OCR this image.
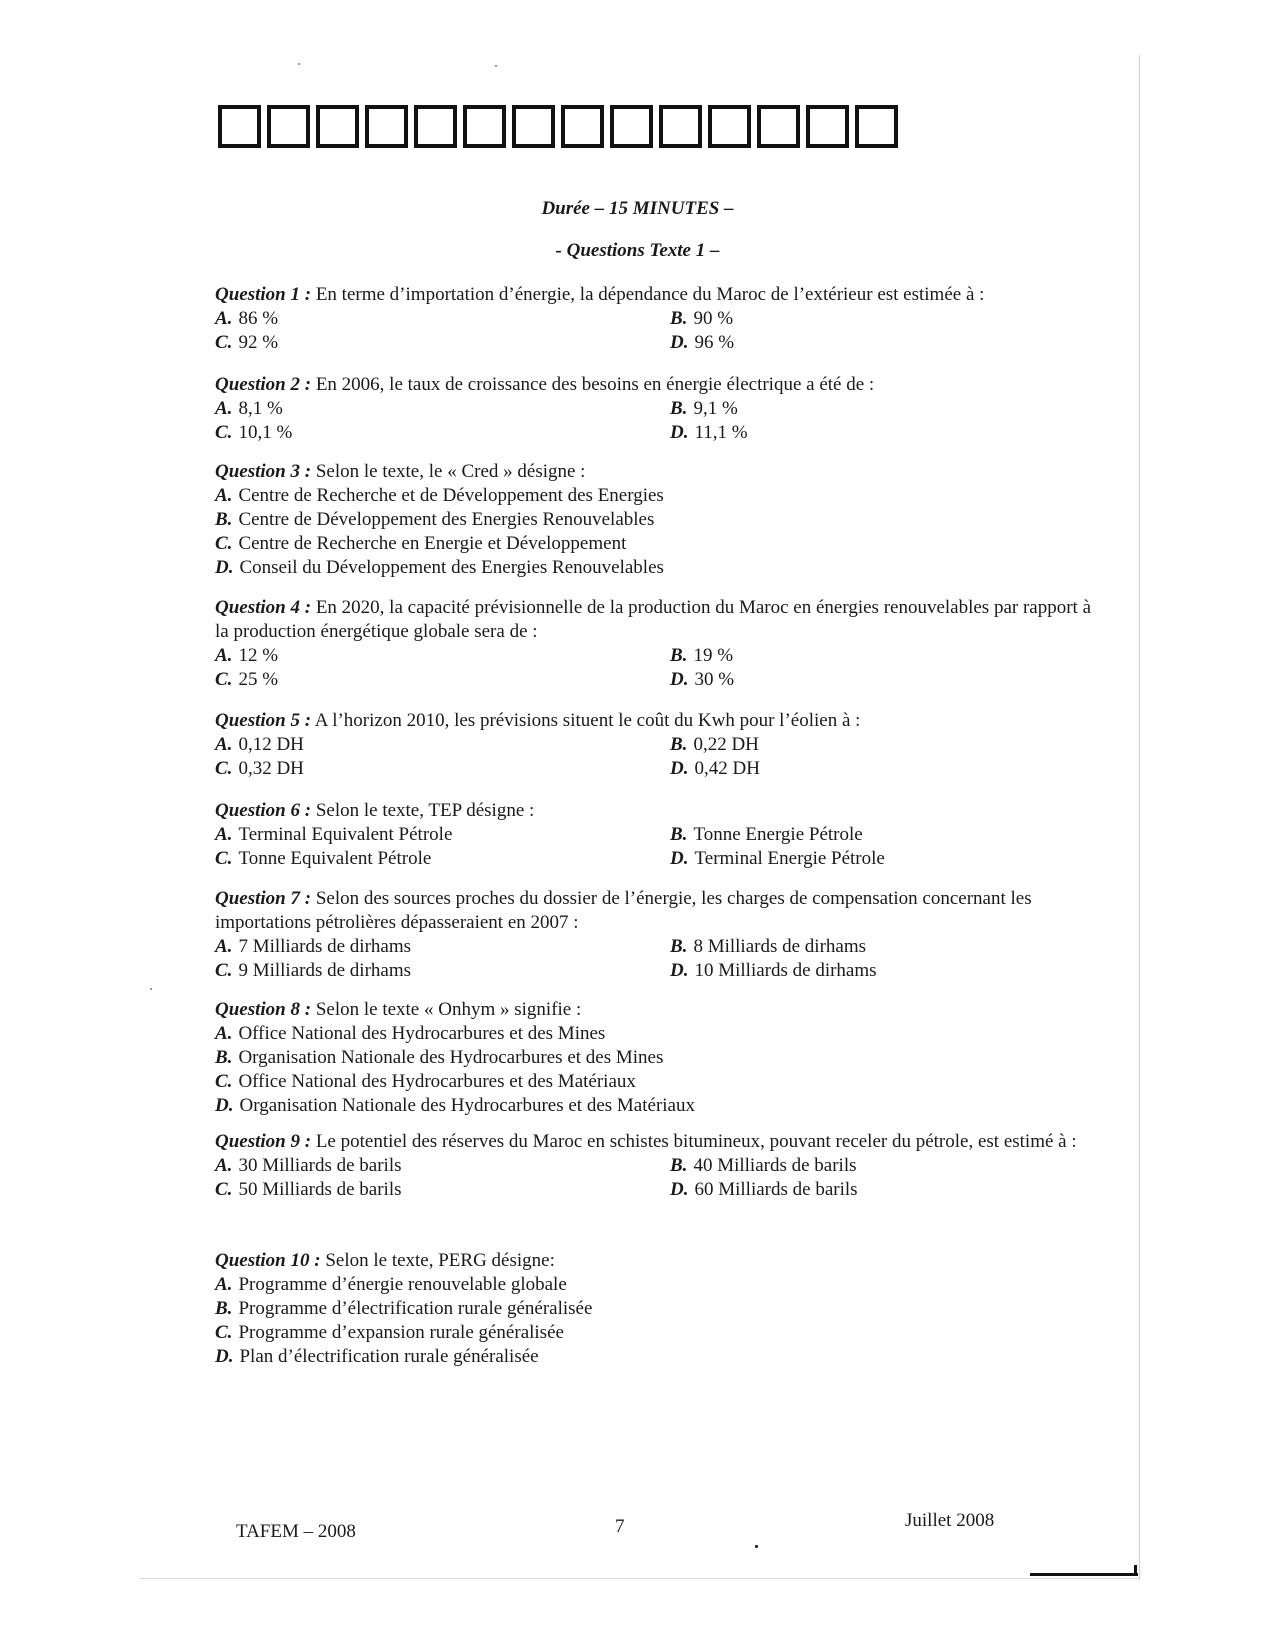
Durée – 15 MINUTES –
- Questions Texte 1 –
Question 1 : En terme d’importation d’énergie, la dépendance du Maroc de l’extérieur est estimée à :
A. 86 %	B. 90 %
C. 92 %	D. 96 %
Question 2 : En 2006, le taux de croissance des besoins en énergie électrique a été de :
A. 8,1 %	B. 9,1 %
C. 10,1 %	D. 11,1 %
Question 3 : Selon le texte, le « Cred » désigne :
A. Centre de Recherche et de Développement des Energies
B. Centre de Développement des Energies Renouvelables
C. Centre de Recherche en Energie et Développement
D. Conseil du Développement des Energies Renouvelables
Question 4 : En 2020, la capacité prévisionnelle de la production du Maroc en énergies renouvelables par rapport à la production énergétique globale sera de :
A. 12 %	B. 19 %
C. 25 %	D. 30 %
Question 5 : A l’horizon 2010, les prévisions situent le coût du Kwh pour l’éolien à :
A. 0,12 DH	B. 0,22 DH
C. 0,32 DH	D. 0,42 DH
Question 6 : Selon le texte, TEP désigne :
A. Terminal Equivalent Pétrole	B. Tonne Energie Pétrole
C. Tonne Equivalent Pétrole	D. Terminal Energie Pétrole
Question 7 : Selon des sources proches du dossier de l’énergie, les charges de compensation concernant les importations pétrolières dépasseraient en 2007 :
A. 7 Milliards de dirhams	B. 8 Milliards de dirhams
C. 9 Milliards de dirhams	D. 10 Milliards de dirhams
Question 8 : Selon le texte « Onhym » signifie :
A. Office National des Hydrocarbures et des Mines
B. Organisation Nationale des Hydrocarbures et des Mines
C. Office National des Hydrocarbures et des Matériaux
D. Organisation Nationale des Hydrocarbures et des Matériaux
Question 9 : Le potentiel des réserves du Maroc en schistes bitumineux, pouvant receler du pétrole, est estimé à :
A. 30 Milliards de barils	B. 40 Milliards de barils
C. 50 Milliards de barils	D. 60 Milliards de barils
Question 10 : Selon le texte, PERG désigne:
A. Programme d’énergie renouvelable globale
B. Programme d’électrification rurale généralisée
C. Programme d’expansion rurale généralisée
D. Plan d’électrification rurale généralisée
TAFEM – 2008	7	Juillet 2008
